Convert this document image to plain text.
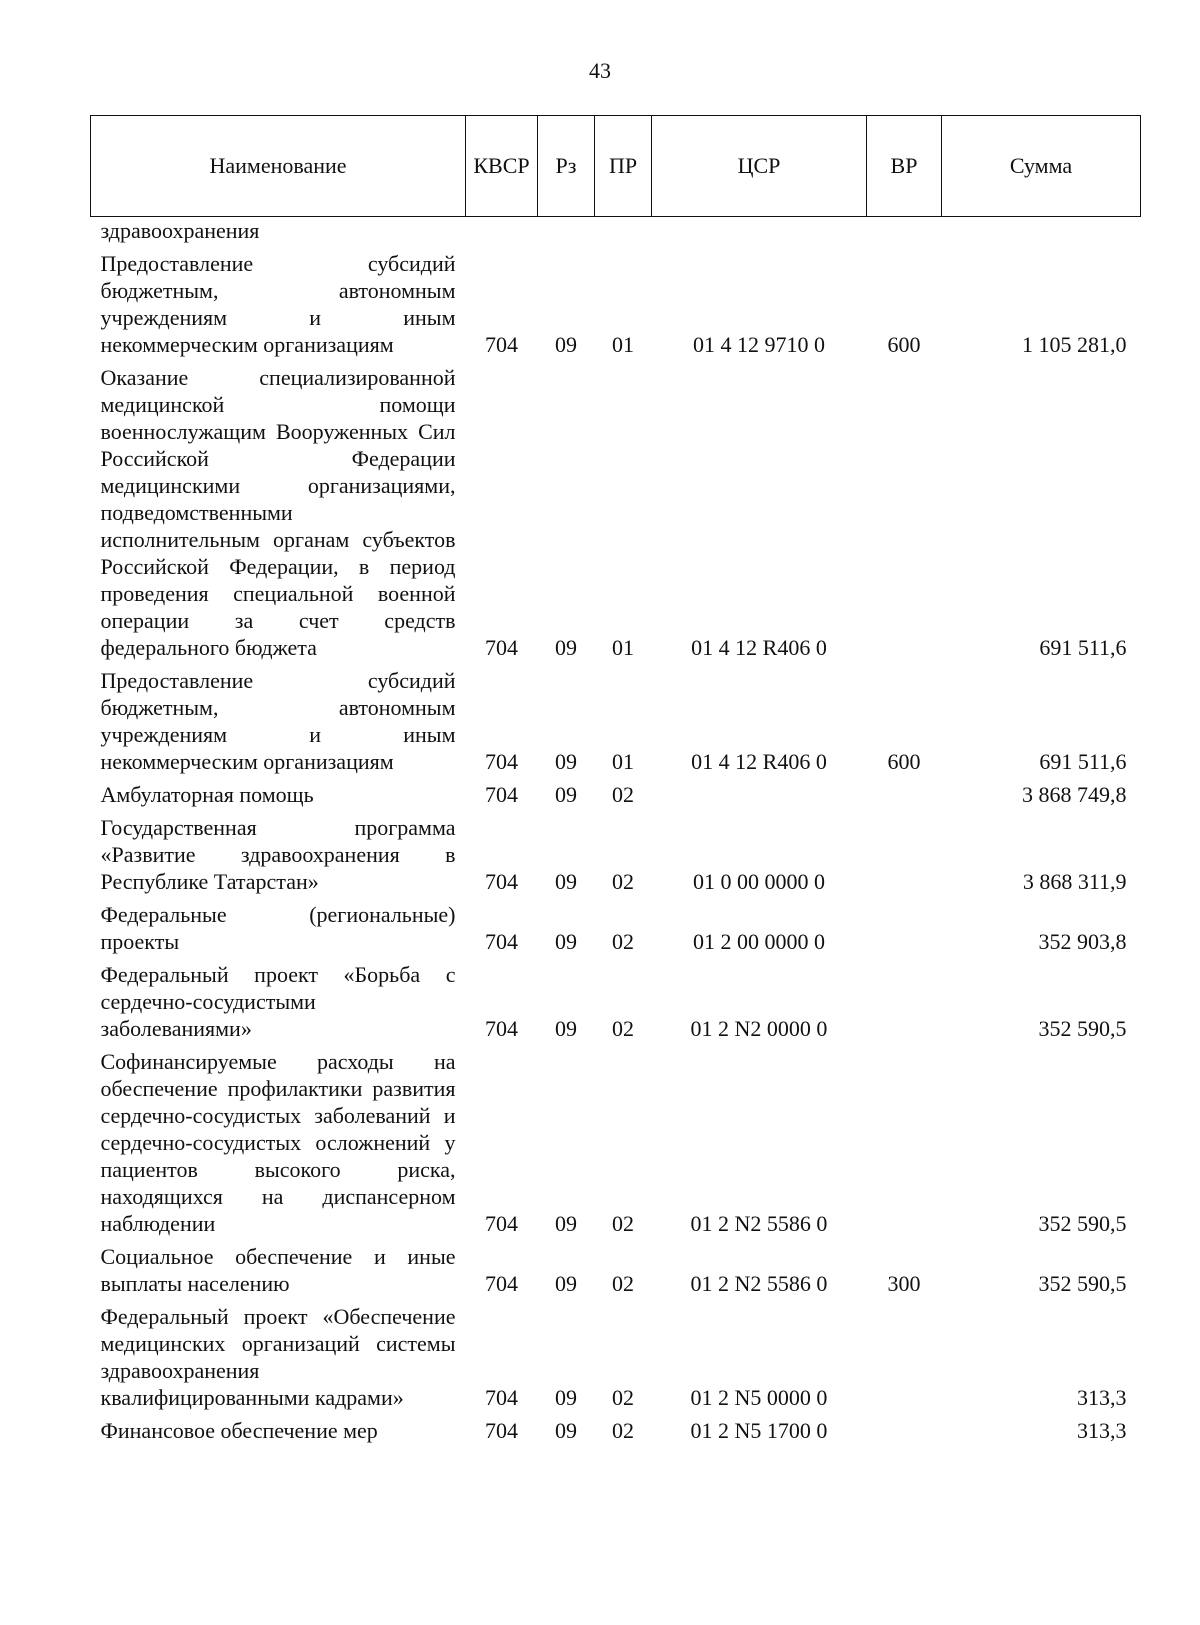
43
Наименование	КВСР	Рз	ПР	ЦСР	ВР	Сумма
здравоохранения						
Предоставление субсидий бюджетным, автономным учреждениям и иным некоммерческим организациям	704	09	01	01 4 12 9710 0	600	1 105 281,0
Оказание специализированной медицинской помощи военнослужащим Вооруженных Сил Российской Федерации медицинскими организациями, подведомственными исполнительным органам субъектов Российской Федерации, в период проведения специальной военной операции за счет средств федерального бюджета	704	09	01	01 4 12 R406 0		691 511,6
Предоставление субсидий бюджетным, автономным учреждениям и иным некоммерческим организациям	704	09	01	01 4 12 R406 0	600	691 511,6
Амбулаторная помощь	704	09	02			3 868 749,8
Государственная программа «Развитие здравоохранения в Республике Татарстан»	704	09	02	01 0 00 0000 0		3 868 311,9
Федеральные (региональные) проекты	704	09	02	01 2 00 0000 0		352 903,8
Федеральный проект «Борьба с сердечно-сосудистыми заболеваниями»	704	09	02	01 2 N2 0000 0		352 590,5
Софинансируемые расходы на обеспечение профилактики развития сердечно-сосудистых заболеваний и сердечно-сосудистых осложнений у пациентов высокого риска, находящихся на диспансерном наблюдении	704	09	02	01 2 N2 5586 0		352 590,5
Социальное обеспечение и иные выплаты населению	704	09	02	01 2 N2 5586 0	300	352 590,5
Федеральный проект «Обеспечение медицинских организаций системы здравоохранения квалифицированными кадрами»	704	09	02	01 2 N5 0000 0		313,3
Финансовое обеспечение мер	704	09	02	01 2 N5 1700 0		313,3
